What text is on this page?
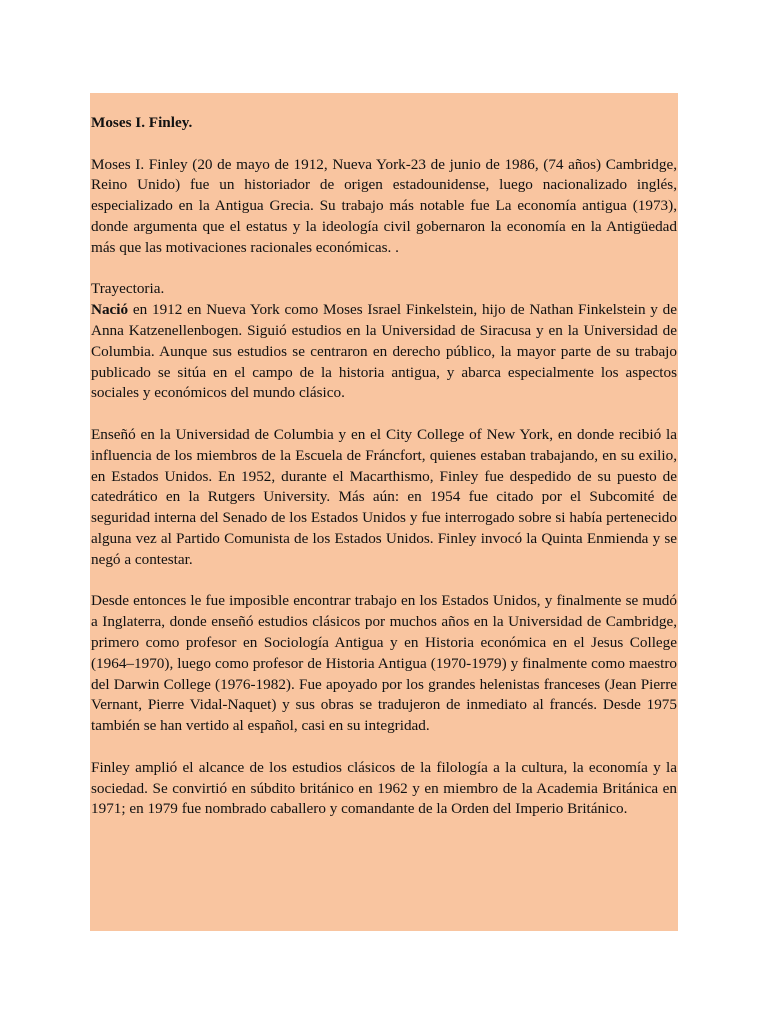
Moses I. Finley.

Moses I. Finley (20 de mayo de 1912, Nueva York-23 de junio de 1986, (74 años) Cambridge, Reino Unido) fue un historiador de origen estadounidense, luego nacionalizado inglés, especializado en la Antigua Grecia. Su trabajo más notable fue La economía antigua (1973), donde argumenta que el estatus y la ideología civil gobernaron la economía en la Antigüedad más que las motivaciones racionales económicas. .

Trayectoria.

Nació en 1912 en Nueva York como Moses Israel Finkelstein, hijo de Nathan Finkelstein y de Anna Katzenellenbogen. Siguió estudios en la Universidad de Siracusa y en la Universidad de Columbia. Aunque sus estudios se centraron en derecho público, la mayor parte de su trabajo publicado se sitúa en el campo de la historia antigua, y abarca especialmente los aspectos sociales y económicos del mundo clásico.

Enseñó en la Universidad de Columbia y en el City College of New York, en donde recibió la influencia de los miembros de la Escuela de Fráncfort, quienes estaban trabajando, en su exilio, en Estados Unidos. En 1952, durante el Macarthismo, Finley fue despedido de su puesto de catedrático en la Rutgers University. Más aún: en 1954 fue citado por el Subcomité de seguridad interna del Senado de los Estados Unidos y fue interrogado sobre si había pertenecido alguna vez al Partido Comunista de los Estados Unidos. Finley invocó la Quinta Enmienda y se negó a contestar.

Desde entonces le fue imposible encontrar trabajo en los Estados Unidos, y finalmente se mudó a Inglaterra, donde enseñó estudios clásicos por muchos años en la Universidad de Cambridge, primero como profesor en Sociología Antigua y en Historia económica en el Jesus College (1964–1970), luego como profesor de Historia Antigua (1970-1979) y finalmente como maestro del Darwin College (1976-1982). Fue apoyado por los grandes helenistas franceses (Jean Pierre Vernant, Pierre Vidal-Naquet) y sus obras se tradujeron de inmediato al francés. Desde 1975 también se han vertido al español, casi en su integridad.

Finley amplió el alcance de los estudios clásicos de la filología a la cultura, la economía y la sociedad. Se convirtió en súbdito británico en 1962 y en miembro de la Academia Británica en 1971; en 1979 fue nombrado caballero y comandante de la Orden del Imperio Británico.
